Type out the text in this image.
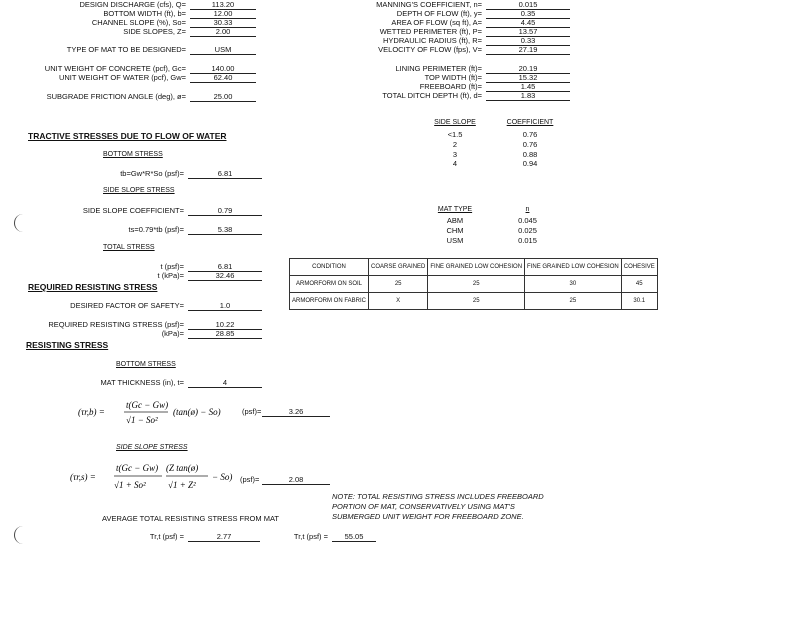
DESIGN DISCHARGE (cfs), Q=	113.20
BOTTOM WIDTH (ft), b=	12.00
CHANNEL SLOPE (%), So=	30.33
SIDE SLOPES, Z=	2.00
TYPE OF MAT TO BE DESIGNED=	USM
UNIT WEIGHT OF CONCRETE (pcf), Gc=	140.00
UNIT WEIGHT OF WATER (pcf), Gw=	62.40
SUBGRADE FRICTION ANGLE (deg), ø=	25.00
MANNING'S COEFFICIENT, n=	0.015
DEPTH OF FLOW (ft), y=	0.35
AREA OF FLOW (sq ft), A=	4.45
WETTED PERIMETER (ft), P=	13.57
HYDRAULIC RADIUS (ft), R=	0.33
VELOCITY OF FLOW (fps), V=	27.19
LINING PERIMETER (ft)=	20.19
TOP WIDTH (ft)=	15.32
FREEBOARD (ft)=	1.45
TOTAL DITCH DEPTH (ft), d=	1.83
SIDE SLOPE	COEFFICIENT
<1.5	0.76
2	0.76
3	0.88
4	0.94
MAT TYPE	n
ABM	0.045
CHM	0.025
USM	0.015
TRACTIVE STRESSES DUE TO FLOW OF WATER
BOTTOM STRESS
tb=Gw*R*So (psf)=	6.81
SIDE SLOPE STRESS
SIDE SLOPE COEFFICIENT=	0.79
ts=0.79*tb (psf)=	5.38
TOTAL STRESS
t (psf)=	6.81
t (kPa)=	32.46
REQUIRED RESISTING STRESS
DESIRED FACTOR OF SAFETY=	1.0
REQUIRED RESISTING STRESS (psf)=	10.22
(kPa)=	28.85
CONDITION	COARSE GRAINED	FINE GRAINED LOW COHESION	FINE GRAINED LOW COHESION	COHESIVE
ARMORFORM ON SOIL	25	25	30	45
ARMORFORM ON FABRIC	X	25	25	30.1
RESISTING STRESS
BOTTOM STRESS
MAT THICKNESS (in), t=	4
(τr,b) =
t(Gc − Gw)
√1 − So²
(tan(ø) − So)	(psf)=	3.26
SIDE SLOPE STRESS
(τr,s) =
t(Gc − Gw)
√1 + So²
(Z tan(ø)
√1 + Z²
− So) (psf)=	2.08
AVERAGE TOTAL RESISTING STRESS FROM MAT
Tr,t (psf) =	2.77	Tr,t (psf) =	55.05
NOTE: TOTAL RESISTING STRESS INCLUDES FREEBOARD
PORTION OF MAT, CONSERVATIVELY USING MAT'S
SUBMERGED UNIT WEIGHT FOR FREEBOARD ZONE.
